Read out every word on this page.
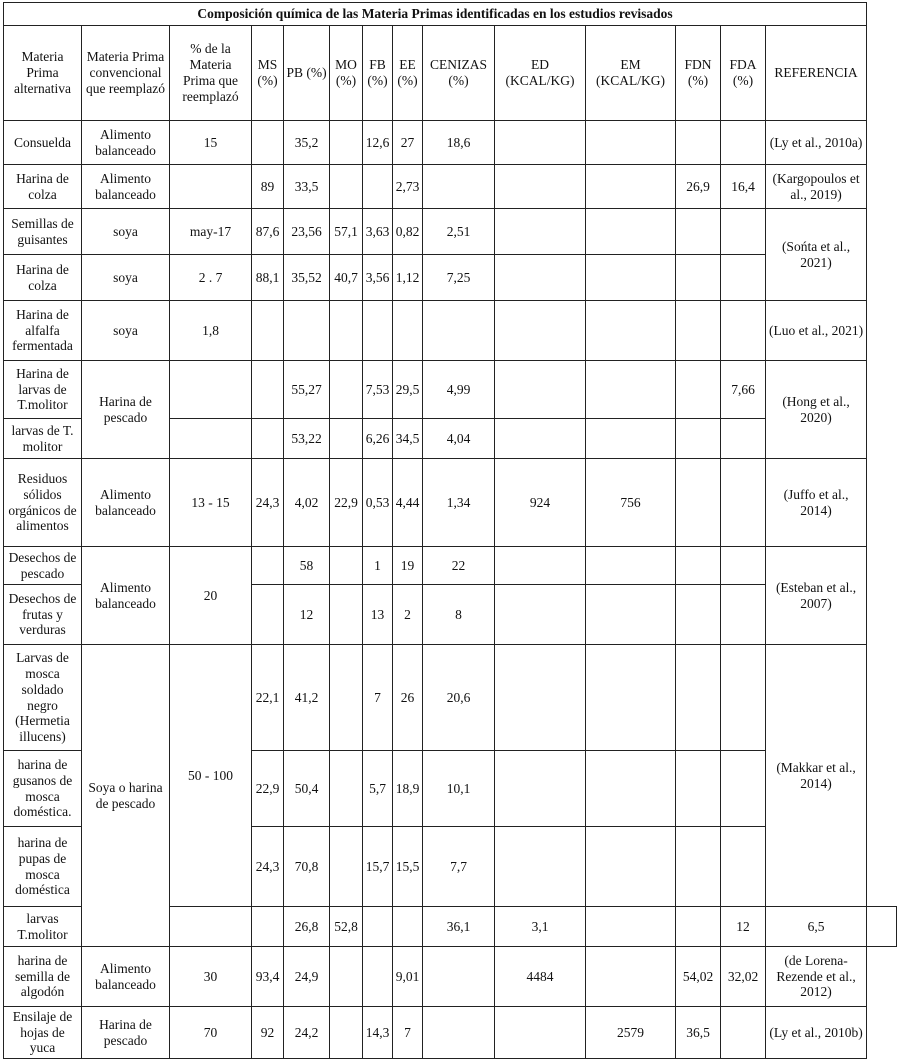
Composición química de las Materia Primas identificadas en los estudios revisados														
Materia Prima alternativa	Materia Prima convencional que reemplazó	% de la Materia Prima que reemplazó	MS (%)	PB (%)	MO (%)	FB (%)	EE (%)	CENIZAS (%)	ED (KCAL/KG)	EM (KCAL/KG)	FDN (%)	FDA (%)	REFERENCIA	
Consuelda	Alimento balanceado	15		35,2		12,6	27	18,6					(Ly et al., 2010a)	
Harina de colza	Alimento balanceado		89	33,5			2,73				26,9	16,4	(Kargopoulos et al., 2019)	
Semillas de guisantes	soya	may-17	87,6	23,56	57,1	3,63	0,82	2,51					(Sońta et al., 2021)	
Harina de colza	soya	2 . 7	88,1	35,52	40,7	3,56	1,12	7,25						
Harina de alfalfa fermentada	soya	1,8											(Luo et al., 2021)	
Harina de larvas de T.molitor	Harina de pescado			55,27		7,53	29,5	4,99				7,66	(Hong et al., 2020)	
larvas de T. molitor				53,22		6,26	34,5	4,04						
Residuos sólidos orgánicos de alimentos	Alimento balanceado	13 - 15	24,3	4,02	22,9	0,53	4,44	1,34	924	756			(Juffo et al., 2014)	
Desechos de pescado	Alimento balanceado	20		58		1	19	22					(Esteban et al., 2007)	
Desechos de frutas y verduras				12		13	2	8						
Larvas de mosca soldado negro (Hermetia illucens)	Soya o harina de pescado	50 - 100	22,1	41,2		7	26	20,6					(Makkar et al., 2014)	
harina de gusanos de mosca doméstica.			22,9	50,4		5,7	18,9	10,1						
harina de pupas de mosca doméstica			24,3	70,8		15,7	15,5	7,7						
larvas T.molitor				26,8	52,8			36,1	3,1			12	6,5	
harina de semilla de algodón	Alimento balanceado	30	93,4	24,9			9,01		4484		54,02	32,02	(de Lorena-Rezende et al., 2012)	
Ensilaje de hojas de yuca	Harina de pescado	70	92	24,2		14,3	7			2579	36,5		(Ly et al., 2010b)	
